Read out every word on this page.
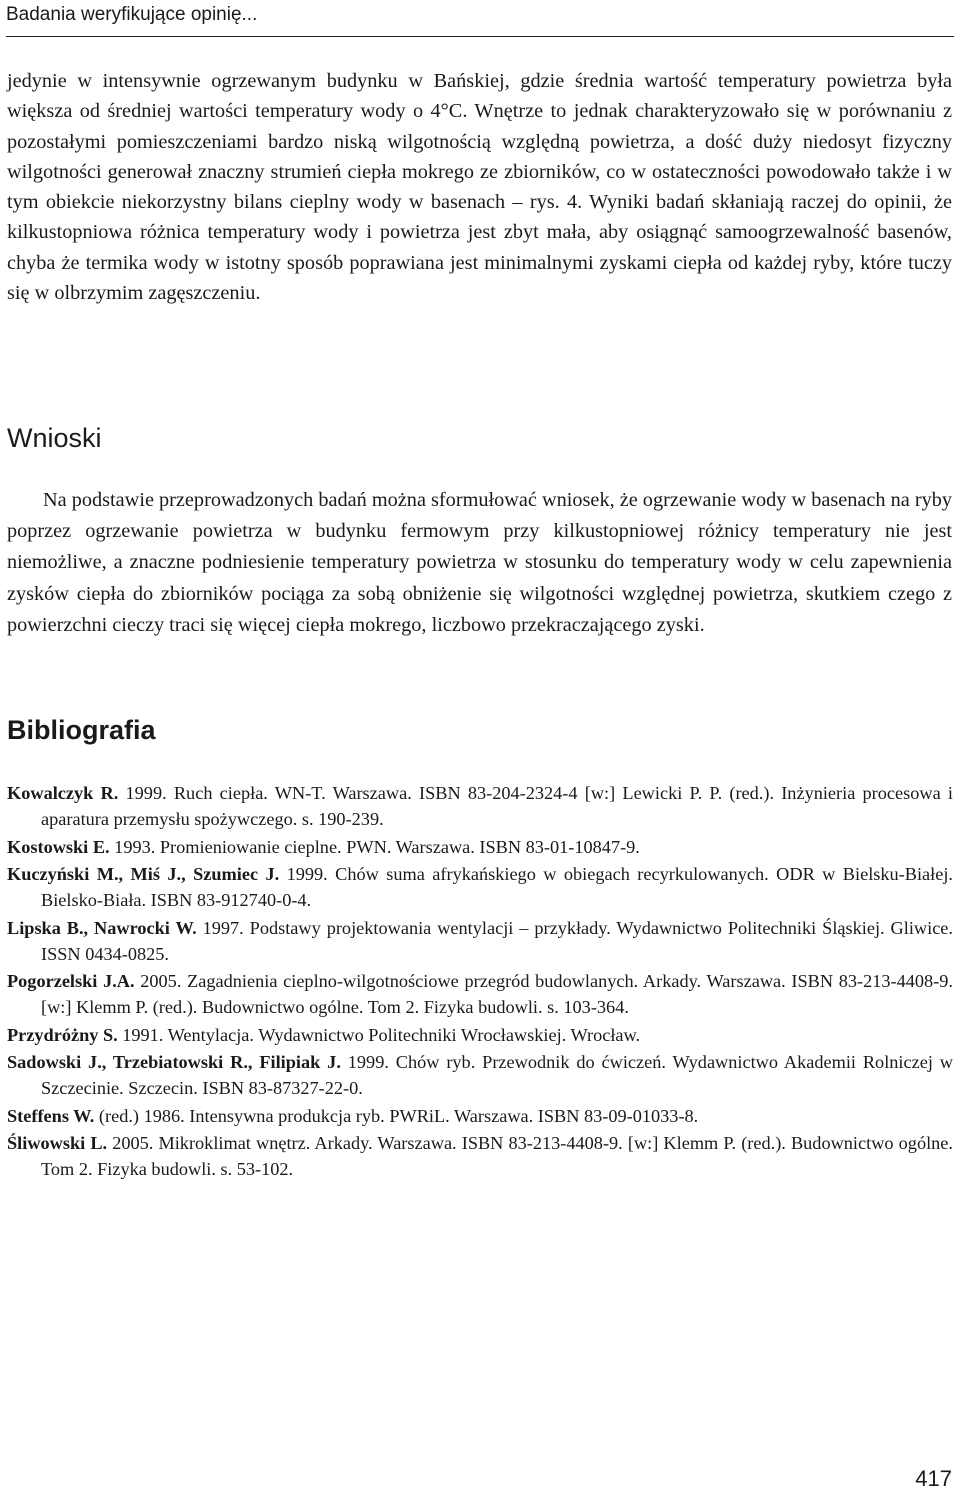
Badania weryfikujące opinię...

jedynie w intensywnie ogrzewanym budynku w Bańskiej, gdzie średnia wartość temperatury powietrza była większa od średniej wartości temperatury wody o 4°C. Wnętrze to jednak charakteryzowało się w porównaniu z pozostałymi pomieszczeniami bardzo niską wilgotnością względną powietrza, a dość duży niedosyt fizyczny wilgotności generował znaczny strumień ciepła mokrego ze zbiorników, co w ostateczności powodowało także i w tym obiekcie niekorzystny bilans cieplny wody w basenach – rys. 4. Wyniki badań skłaniają raczej do opinii, że kilkustopniowa różnica temperatury wody i powietrza jest zbyt mała, aby osiągnąć samoogrzewalność basenów, chyba że termika wody w istotny sposób poprawiana jest minimalnymi zyskami ciepła od każdej ryby, które tuczy się w olbrzymim zagęszczeniu.

Wnioski

Na podstawie przeprowadzonych badań można sformułować wniosek, że ogrzewanie wody w basenach na ryby poprzez ogrzewanie powietrza w budynku fermowym przy kilkustopniowej różnicy temperatury nie jest niemożliwe, a znaczne podniesienie temperatury powietrza w stosunku do temperatury wody w celu zapewnienia zysków ciepła do zbiorników pociąga za sobą obniżenie się wilgotności względnej powietrza, skutkiem czego z powierzchni cieczy traci się więcej ciepła mokrego, liczbowo przekraczającego zyski.

Bibliografia
Kowalczyk R. 1999. Ruch ciepła. WN-T. Warszawa. ISBN 83-204-2324-4 [w:] Lewicki P. P. (red.). Inżynieria procesowa i aparatura przemysłu spożywczego. s. 190-239.
Kostowski E. 1993. Promieniowanie cieplne. PWN. Warszawa. ISBN 83-01-10847-9.
Kuczyński M., Miś J., Szumiec J. 1999. Chów suma afrykańskiego w obiegach recyrkulowanych. ODR w Bielsku-Białej. Bielsko-Biała. ISBN 83-912740-0-4.
Lipska B., Nawrocki W. 1997. Podstawy projektowania wentylacji – przykłady. Wydawnictwo Politechniki Śląskiej. Gliwice. ISSN 0434-0825.
Pogorzelski J.A. 2005. Zagadnienia cieplno-wilgotnościowe przegród budowlanych. Arkady. Warszawa. ISBN 83-213-4408-9. [w:] Klemm P. (red.). Budownictwo ogólne. Tom 2. Fizyka budowli. s. 103-364.
Przydróżny S. 1991. Wentylacja. Wydawnictwo Politechniki Wrocławskiej. Wrocław.
Sadowski J., Trzebiatowski R., Filipiak J. 1999. Chów ryb. Przewodnik do ćwiczeń. Wydawnictwo Akademii Rolniczej w Szczecinie. Szczecin. ISBN 83-87327-22-0.
Steffens W. (red.) 1986. Intensywna produkcja ryb. PWRiL. Warszawa. ISBN 83-09-01033-8.
Śliwowski L. 2005. Mikroklimat wnętrz. Arkady. Warszawa. ISBN 83-213-4408-9. [w:] Klemm P. (red.). Budownictwo ogólne. Tom 2. Fizyka budowli. s. 53-102.
417
